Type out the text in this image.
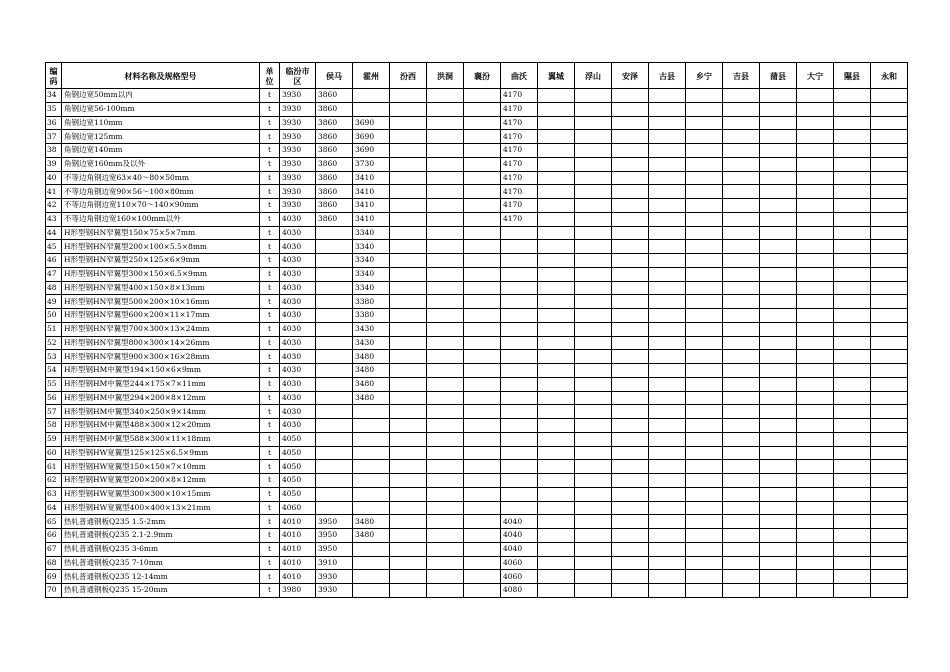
编码	材料名称及规格型号	单位	临汾市区	侯马	霍州	汾西	洪洞	襄汾	曲沃	翼城	浮山	安泽	古县	乡宁	吉县	蒲县	大宁	隰县	永和
34	角钢边宽50mm以内	t	3930	3860					4170										
35	角钢边宽56-100mm	t	3930	3860					4170										
36	角钢边宽110mm	t	3930	3860	3690				4170										
37	角钢边宽125mm	t	3930	3860	3690				4170										
38	角钢边宽140mm	t	3930	3860	3690				4170										
39	角钢边宽160mm及以外	t	3930	3860	3730				4170										
40	不等边角钢边宽63×40～80×50mm	t	3930	3860	3410				4170										
41	不等边角钢边宽90×56～100×80mm	t	3930	3860	3410				4170										
42	不等边角钢边宽110×70～140×90mm	t	3930	3860	3410				4170										
43	不等边角钢边宽160×100mm以外	t	4030	3860	3410				4170										
44	H形型钢HN窄翼型150×75×5×7mm	t	4030		3340														
45	H形型钢HN窄翼型200×100×5.5×8mm	t	4030		3340														
46	H形型钢HN窄翼型250×125×6×9mm	t	4030		3340														
47	H形型钢HN窄翼型300×150×6.5×9mm	t	4030		3340														
48	H形型钢HN窄翼型400×150×8×13mm	t	4030		3340														
49	H形型钢HN窄翼型500×200×10×16mm	t	4030		3380														
50	H形型钢HN窄翼型600×200×11×17mm	t	4030		3380														
51	H形型钢HN窄翼型700×300×13×24mm	t	4030		3430														
52	H形型钢HN窄翼型800×300×14×26mm	t	4030		3430														
53	H形型钢HN窄翼型900×300×16×28mm	t	4030		3480														
54	H形型钢HM中翼型194×150×6×9mm	t	4030		3480														
55	H形型钢HM中翼型244×175×7×11mm	t	4030		3480														
56	H形型钢HM中翼型294×200×8×12mm	t	4030		3480														
57	H形型钢HM中翼型340×250×9×14mm	t	4030																
58	H形型钢HM中翼型488×300×12×20mm	t	4030																
59	H形型钢HM中翼型588×300×11×18mm	t	4050																
60	H形型钢HW宽翼型125×125×6.5×9mm	t	4050																
61	H形型钢HW宽翼型150×150×7×10mm	t	4050																
62	H形型钢HW宽翼型200×200×8×12mm	t	4050																
63	H形型钢HW宽翼型300×300×10×15mm	t	4050																
64	H形型钢HW宽翼型400×400×13×21mm	t	4060																
65	热轧普通钢板Q235 1.5-2mm	t	4010	3950	3480				4040										
66	热轧普通钢板Q235 2.1-2.9mm	t	4010	3950	3480				4040										
67	热轧普通钢板Q235 3-6mm	t	4010	3950					4040										
68	热轧普通钢板Q235 7-10mm	t	4010	3910					4060										
69	热轧普通钢板Q235 12-14mm	t	4010	3930					4060										
70	热轧普通钢板Q235 15-20mm	t	3980	3930					4080										
